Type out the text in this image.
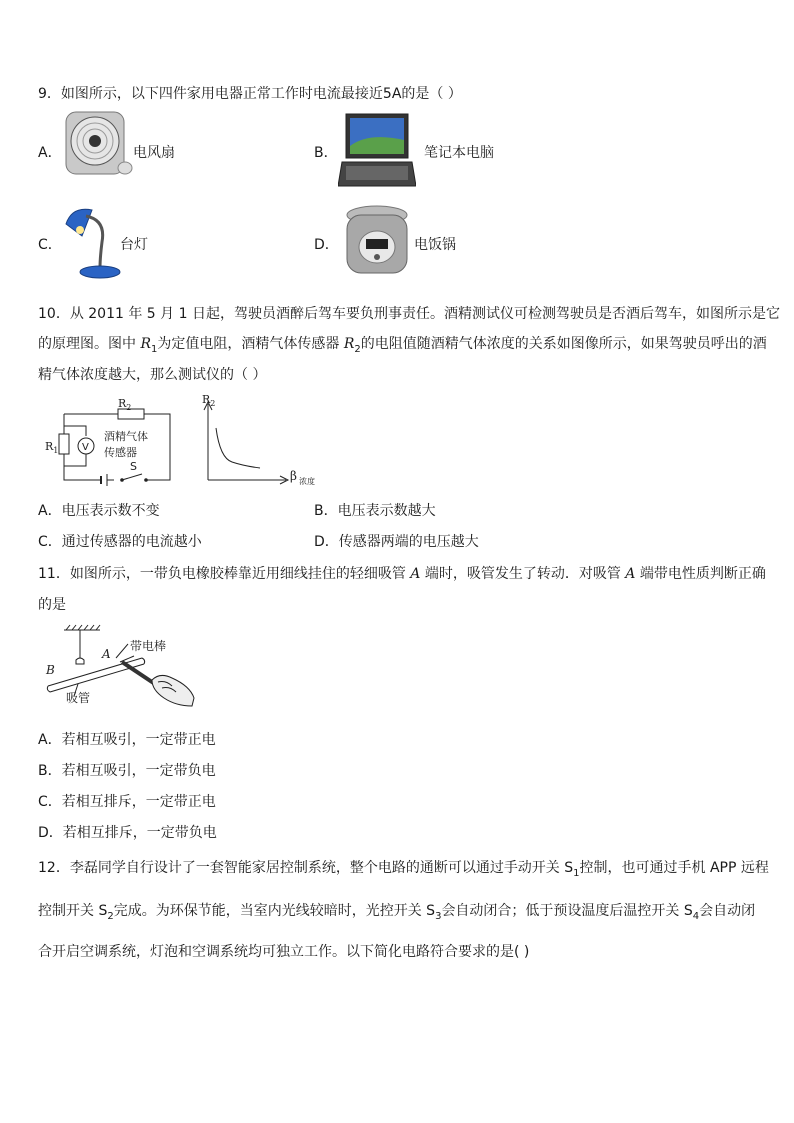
9．如图所示，以下四件家用电器正常工作时电流最接近5A的是（ ）
A．	电风扇	B．	笔记本电脑
C．	台灯	D．	电饭锅
10．从 2011 年 5 月 1 日起，驾驶员酒醉后驾车要负刑事责任。酒精测试仪可检测驾驶员是否酒后驾车，如图所示是它
的原理图。图中 $R_1$为定值电阻，酒精气体传感器 $R_2$的电阻值随酒精气体浓度的关系如图像所示，如果驾驶员呼出的酒
精气体浓度越大，那么测试仪的（ ）
$R_2$
$R_1$ V
酒精气体
传感器
S
$R_2$
β 浓度
A．电压表示数不变	B．电压表示数越大
C．通过传感器的电流越小	D．传感器两端的电压越大
11．如图所示，一带负电橡胶棒靠近用细线挂住的轻细吸管 A 端时，吸管发生了转动．对吸管 A 端带电性质判断正确
的是
带电棒
吸管
A
B
A．若相互吸引，一定带正电
B．若相互吸引，一定带负电
C．若相互排斥，一定带正电
D．若相互排斥，一定带负电
12．李磊同学自行设计了一套智能家居控制系统，整个电路的通断可以通过手动开关 $S_1$控制，也可通过手机 APP 远程
控制开关 $S_2$完成。为环保节能，当室内光线较暗时，光控开关 $S_3$会自动闭合；低于预设温度后温控开关 $S_4$会自动闭
合开启空调系统，灯泡和空调系统均可独立工作。以下简化电路符合要求的是( )
